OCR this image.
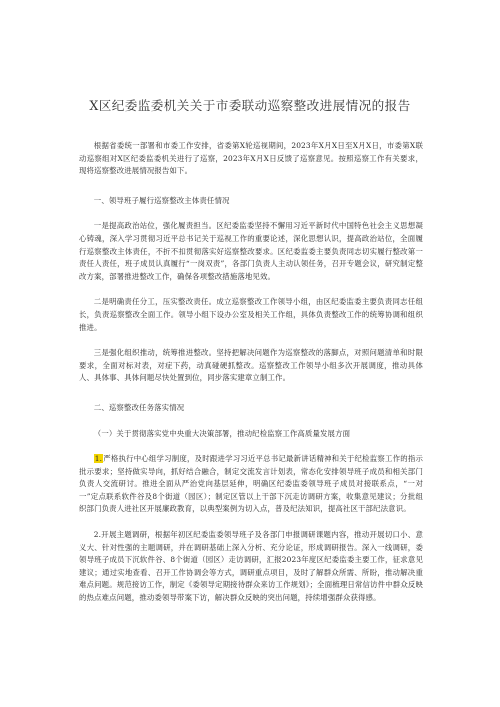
X区纪委监委机关关于市委联动巡察整改进展情况的报告

根据省委统一部署和市委工作安排，省委第X轮巡视期间，2023年X月X日至X月X日，市委第X联动巡察组对X区纪委监委机关进行了巡察，2023年X月X日反馈了巡察意见。按照巡察工作有关要求，现将巡察整改进展情况报告如下。

一、领导班子履行巡察整改主体责任情况

一是提高政治站位，强化履责担当。区纪委监委坚持不懈用习近平新时代中国特色社会主义思想凝心铸魂，深入学习贯彻习近平总书记关于巡视工作的重要论述，深化思想认识，提高政治站位，全面履行巡察整改主体责任，不折不扣贯彻落实好巡察整改要求。区纪委监委主要负责同志切实履行整改第一责任人责任，班子成员认真履行“一岗双责”，各部门负责人主动认领任务，召开专题会议，研究制定整改方案，部署推进整改工作，确保各项整改措施落地见效。

二是明确责任分工，压实整改责任。成立巡察整改工作领导小组，由区纪委监委主要负责同志任组长，负责巡察整改全面工作。领导小组下设办公室及相关工作组，具体负责整改工作的统筹协调和组织推进。

三是强化组织推动，统筹推进整改。坚持把解决问题作为巡察整改的落脚点，对照问题清单和时限要求，全面对标对表，对症下药，动真碰硬抓整改。巡察整改工作领导小组多次开展调度，推动具体人、具体事、具体问题尽快处置到位，同步落实建章立制工作。

二、巡察整改任务落实情况

（一）关于贯彻落实党中央重大决策部署，推动纪检监察工作高质量发展方面

1.严格执行中心组学习制度，及时跟进学习习近平总书记最新讲话精神和关于纪检监察工作的指示批示要求；坚持做实导向，抓好结合融合，制定交流发言计划表，常态化安排领导班子成员和相关部门负责人交流研讨。推进全面从严治党向基层延伸，明确区纪委监委领导班子成员对接联系点，“一对一”定点联系软件谷及8个街道（园区）；制定区管以上干部下沉走访调研方案，收集意见建议；分批组织部门负责人进社区开展廉政教育，以典型案例为切入点，普及纪法知识，提高社区干部纪法意识。

2.开展主题调研，根据年初区纪委监委领导班子及各部门申报调研课题内容，推动开展切口小、意义大、针对性强的主题调研，并在调研基础上深入分析、充分论证，形成调研报告。深入一线调研，委领导班子成员下沉软件谷、8个街道（园区）走访调研，汇报2023年度区纪委监委主要工作，征求意见建议；通过实地查看、召开工作协调会等方式，调研重点项目，及时了解群众所需、所盼，推动解决重难点问题。规范接访工作，制定《委领导定期接待群众来访工作规划》；全面梳理日常信访件中群众反映的热点难点问题，推动委领导带案下访，解决群众反映的突出问题，持续增强群众获得感。
